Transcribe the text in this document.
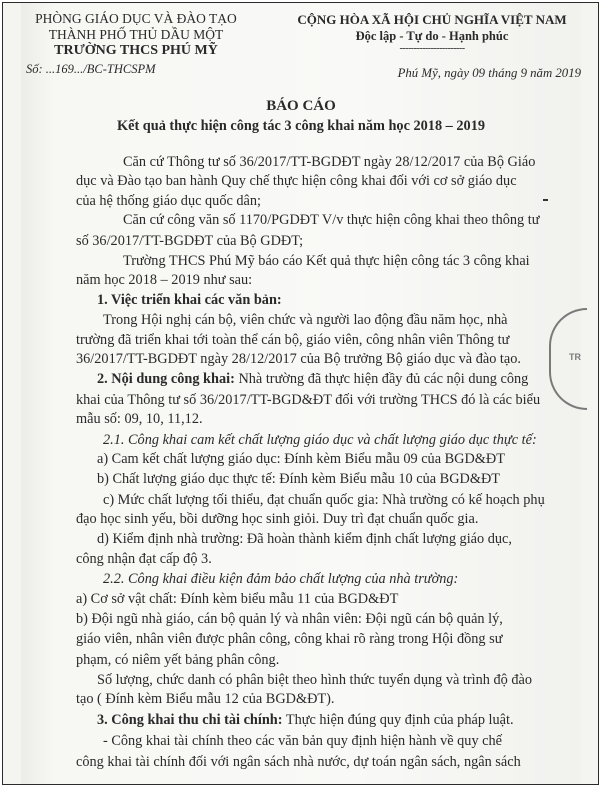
PHÒNG GIÁO DỤC VÀ ĐÀO TẠO
THÀNH PHỐ THỦ DẦU MỘT
TRƯỜNG THCS PHÚ MỸ
Số: ...169.../BC-THCSPM
CỘNG HÒA XÃ HỘI CHỦ NGHĨA VIỆT NAM
Độc lập - Tự do - Hạnh phúc
-----------------------
Phú Mỹ, ngày 09 tháng 9 năm 2019
BÁO CÁO
Kết quả thực hiện công tác 3 công khai năm học 2018 – 2019
Căn cứ Thông tư số 36/2017/TT-BGDĐT ngày 28/12/2017 của Bộ Giáo
dục và Đào tạo ban hành Quy chế thực hiện công khai đối với cơ sở giáo dục
của hệ thống giáo dục quốc dân;
Căn cứ công văn số 1170/PGDĐT V/v thực hiện công khai theo thông tư
số 36/2017/TT-BGDĐT của Bộ GDĐT;
Trường THCS Phú Mỹ báo cáo Kết quả thực hiện công tác 3 công khai
năm học 2018 – 2019 như sau:
1. Việc triển khai các văn bản:
Trong Hội nghị cán bộ, viên chức và người lao động đầu năm học, nhà
trường đã triển khai tới toàn thể cán bộ, giáo viên, công nhân viên Thông tư
36/2017/TT-BGDĐT ngày 28/12/2017 của Bộ trưởng Bộ giáo dục và đào tạo.
2. Nội dung công khai: Nhà trường đã thực hiện đầy đủ các nội dung công
khai của Thông tư số 36/2017/TT-BGD&ĐT đối với trường THCS đó là các biểu
mẫu số: 09, 10, 11,12.
2.1. Công khai cam kết chất lượng giáo dục và chất lượng giáo dục thực tế:
a) Cam kết chất lượng giáo dục: Đính kèm Biểu mẫu 09 của BGD&ĐT
b) Chất lượng giáo dục thực tế: Đính kèm Biểu mẫu 10 của BGD&ĐT
c) Mức chất lượng tối thiểu, đạt chuẩn quốc gia: Nhà trường có kế hoạch phụ
đạo học sinh yếu, bồi dưỡng học sinh giỏi. Duy trì đạt chuẩn quốc gia.
d) Kiểm định nhà trường: Đã hoàn thành kiểm định chất lượng giáo dục,
công nhận đạt cấp độ 3.
2.2. Công khai điều kiện đảm bảo chất lượng của nhà trường:
a) Cơ sở vật chất: Đính kèm biểu mẫu 11 của BGD&ĐT
b) Đội ngũ nhà giáo, cán bộ quản lý và nhân viên: Đội ngũ cán bộ quản lý,
giáo viên, nhân viên được phân công, công khai rõ ràng trong Hội đồng sư
phạm, có niêm yết bảng phân công.
Số lượng, chức danh có phân biệt theo hình thức tuyển dụng và trình độ đào
tạo ( Đính kèm Biểu mẫu 12 của BGD&ĐT).
3. Công khai thu chi tài chính: Thực hiện đúng quy định của pháp luật.
TR
- Công khai tài chính theo các văn bản quy định hiện hành về quy chế
công khai tài chính đối với ngân sách nhà nước, dự toán ngân sách, ngân sách
